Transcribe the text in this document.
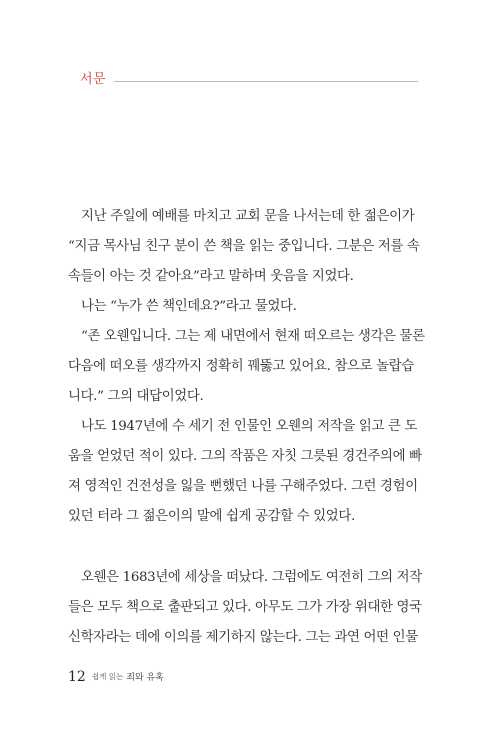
서문

지난 주일에 예배를 마치고 교회 문을 나서는데 한 젊은이가
“지금 목사님 친구 분이 쓴 책을 읽는 중입니다. 그분은 저를 속
속들이 아는 것 같아요”라고 말하며 웃음을 지었다.

나는 “누가 쓴 책인데요?”라고 물었다.

“존 오웬입니다. 그는 제 내면에서 현재 떠오르는 생각은 물론
다음에 떠오를 생각까지 정확히 꿰뚫고 있어요. 참으로 놀랍습
니다.” 그의 대답이었다.

나도 1947년에 수 세기 전 인물인 오웬의 저작을 읽고 큰 도
움을 얻었던 적이 있다. 그의 작품은 자칫 그릇된 경건주의에 빠
져 영적인 건전성을 잃을 뻔했던 나를 구해주었다. 그런 경험이
있던 터라 그 젊은이의 말에 쉽게 공감할 수 있었다.

오웬은 1683년에 세상을 떠났다. 그럼에도 여전히 그의 저작
들은 모두 책으로 출판되고 있다. 아무도 그가 가장 위대한 영국
신학자라는 데에 이의를 제기하지 않는다. 그는 과연 어떤 인물

12 쉽게 읽는 죄와 유혹
